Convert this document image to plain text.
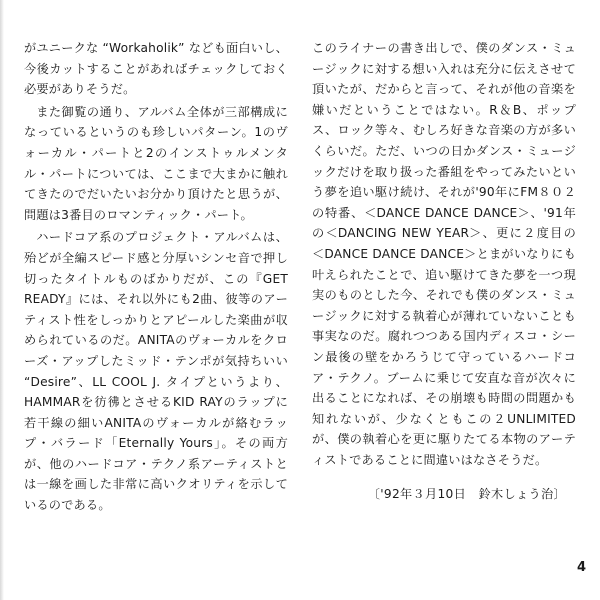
がユニークな “Workaholik” なども面白いし、今後カットすることがあればチェックしておく必要がありそうだ。

また御覧の通り、アルバム全体が三部構成になっているというのも珍しいパターン。1のヴォーカル・パートと2のインストゥルメンタル・パートについては、ここまで大まかに触れてきたのでだいたいお分かり頂けたと思うが、問題は3番目のロマンティック・パート。

ハードコア系のプロジェクト・アルバムは、殆どが全編スピード感と分厚いシンセ音で押し切ったタイトルものばかりだが、この『GET READY』には、それ以外にも2曲、彼等のアーティスト性をしっかりとアピールした楽曲が収められているのだ。ANITAのヴォーカルをクローズ・アップしたミッド・テンポが気持ちいい “Desire”、LL COOL J. タイプというより、HAMMARを彷彿とさせるKID RAYのラップに若干線の細いANITAのヴォーカルが絡むラップ・バラード「Eternally Yours」。その両方が、他のハードコア・テクノ系アーティストとは一線を画した非常に高いクオリティを示しているのである。

このライナーの書き出しで、僕のダンス・ミュージックに対する想い入れは充分に伝えさせて頂いたが、だからと言って、それが他の音楽を嫌いだということではない。R＆B、ポップス、ロック等々、むしろ好きな音楽の方が多いくらいだ。ただ、いつの日かダンス・ミュージックだけを取り扱った番組をやってみたいという夢を追い駆け続け、それが'90年にFM８０２の特番、＜DANCE DANCE DANCE＞、'91年の＜DANCING NEW YEAR＞、更に２度目の＜DANCE DANCE DANCE＞とまがいなりにも叶えられたことで、追い駆けてきた夢を一つ現実のものとした今、それでも僕のダンス・ミュージックに対する執着心が薄れていないことも事実なのだ。腐れつつある国内ディスコ・シーン最後の壁をかろうじて守っているハードコア・テクノ。ブームに乗じて安直な音が次々に出ることになれば、その崩壊も時間の問題かも知れないが、少なくともこの２UNLIMITEDが、僕の執着心を更に駆りたてる本物のアーティストであることに間違いはなさそうだ。

〔'92年３月10日　鈴木しょう治〕
4
